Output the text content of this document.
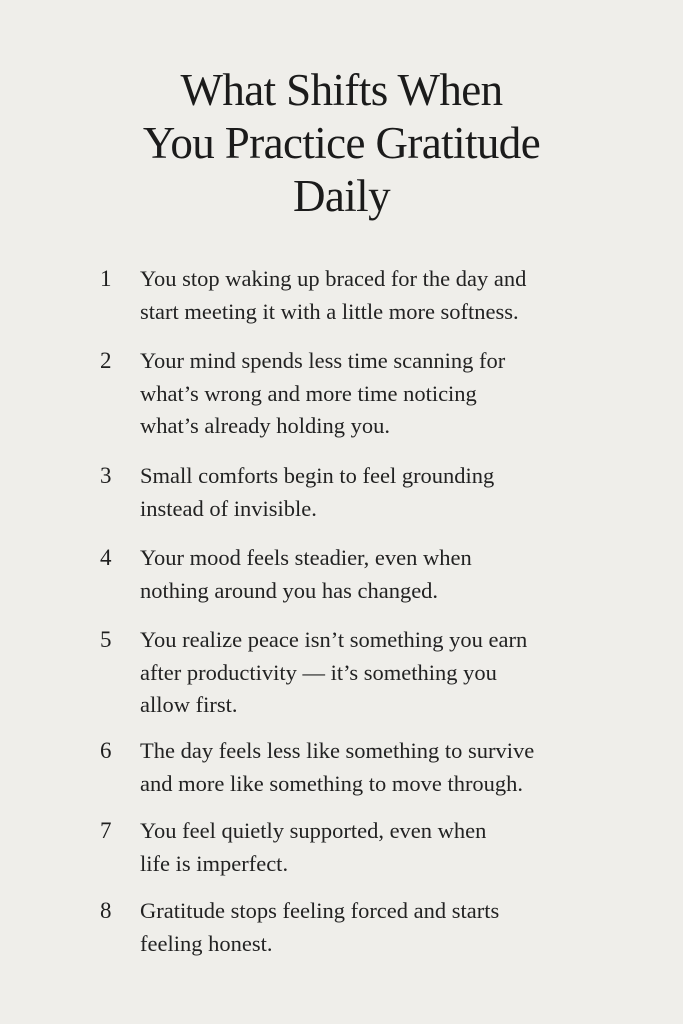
What Shifts When
You Practice Gratitude
Daily
1	You stop waking up braced for the day and
start meeting it with a little more softness.
2	Your mind spends less time scanning for
what’s wrong and more time noticing
what’s already holding you.
3	Small comforts begin to feel grounding
instead of invisible.
4	Your mood feels steadier, even when
nothing around you has changed.
5	You realize peace isn’t something you earn
after productivity — it’s something you
allow first.
6	The day feels less like something to survive
and more like something to move through.
7	You feel quietly supported, even when
life is imperfect.
8	Gratitude stops feeling forced and starts
feeling honest.
